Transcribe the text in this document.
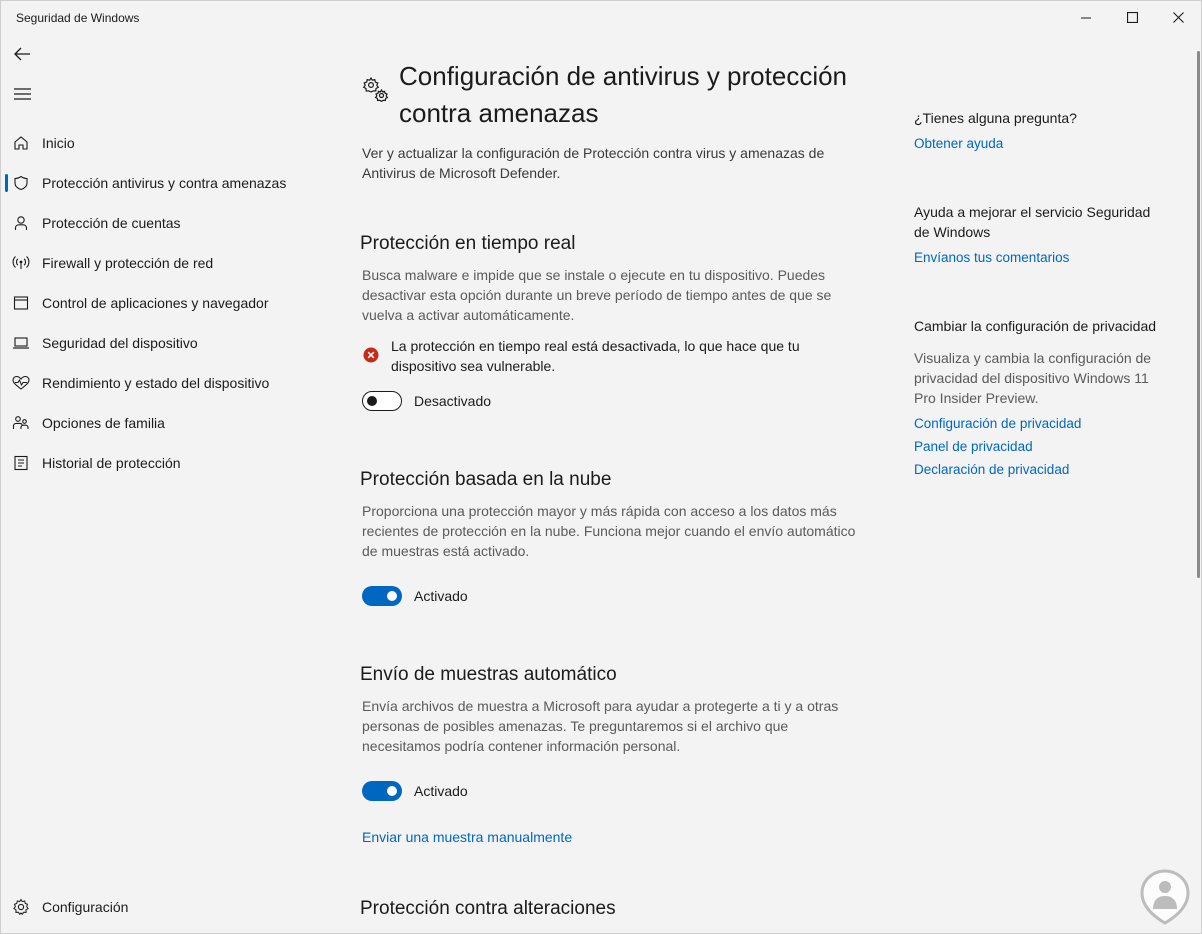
Seguridad de Windows
Inicio
Protección antivirus y contra amenazas
Protección de cuentas
Firewall y protección de red
Control de aplicaciones y navegador
Seguridad del dispositivo
Rendimiento y estado del dispositivo
Opciones de familia
Historial de protección
Configuración
Configuración de antivirus y protección contra amenazas

Ver y actualizar la configuración de Protección contra virus y amenazas de Antivirus de Microsoft Defender.

Protección en tiempo real

Busca malware e impide que se instale o ejecute en tu dispositivo. Puedes desactivar esta opción durante un breve período de tiempo antes de que se vuelva a activar automáticamente.

La protección en tiempo real está desactivada, lo que hace que tu dispositivo sea vulnerable.
Desactivado
Protección basada en la nube

Proporciona una protección mayor y más rápida con acceso a los datos más recientes de protección en la nube. Funciona mejor cuando el envío automático de muestras está activado.

Activado
Envío de muestras automático

Envía archivos de muestra a Microsoft para ayudar a protegerte a ti y a otras personas de posibles amenazas. Te preguntaremos si el archivo que necesitamos podría contener información personal.

Activado
Enviar una muestra manualmente
Protección contra alteraciones
¿Tienes alguna pregunta?
Obtener ayuda
Ayuda a mejorar el servicio Seguridad de Windows
Envíanos tus comentarios
Cambiar la configuración de privacidad
Visualiza y cambia la configuración de privacidad del dispositivo Windows 11 Pro Insider Preview.
Configuración de privacidad
Panel de privacidad
Declaración de privacidad
